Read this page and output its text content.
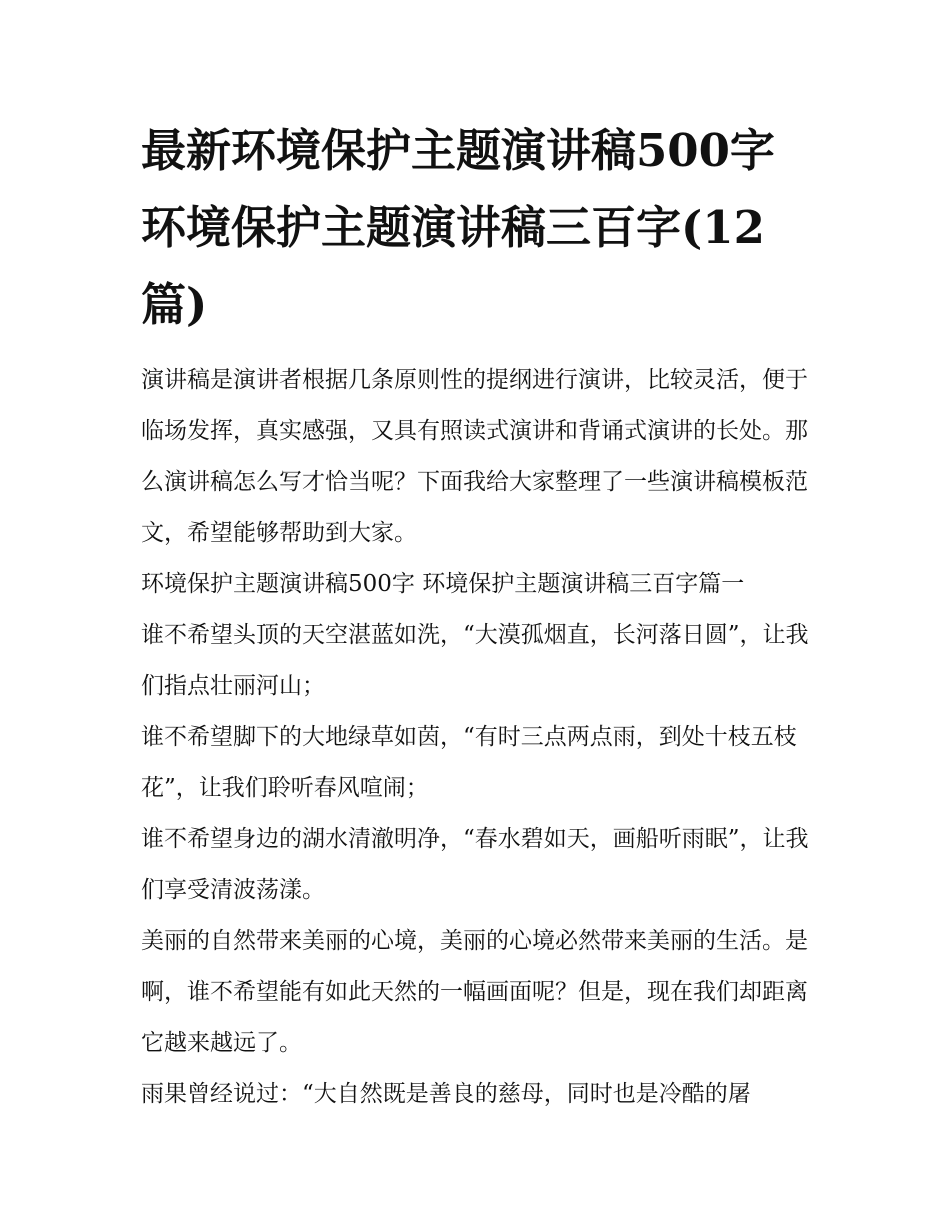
最新环境保护主题演讲稿500字 环境保护主题演讲稿三百字(12篇)

演讲稿是演讲者根据几条原则性的提纲进行演讲，比较灵活，便于临场发挥，真实感强，又具有照读式演讲和背诵式演讲的长处。那么演讲稿怎么写才恰当呢？下面我给大家整理了一些演讲稿模板范文，希望能够帮助到大家。

环境保护主题演讲稿500字 环境保护主题演讲稿三百字篇一

谁不希望头顶的天空湛蓝如洗，“大漠孤烟直，长河落日圆”，让我们指点壮丽河山；

谁不希望脚下的大地绿草如茵，“有时三点两点雨，到处十枝五枝花”，让我们聆听春风喧闹；

谁不希望身边的湖水清澈明净，“春水碧如天，画船听雨眠”，让我们享受清波荡漾。

美丽的自然带来美丽的心境，美丽的心境必然带来美丽的生活。是啊，谁不希望能有如此天然的一幅画面呢？但是，现在我们却距离它越来越远了。

雨果曾经说过：“大自然既是善良的慈母，同时也是冷酷的屠
